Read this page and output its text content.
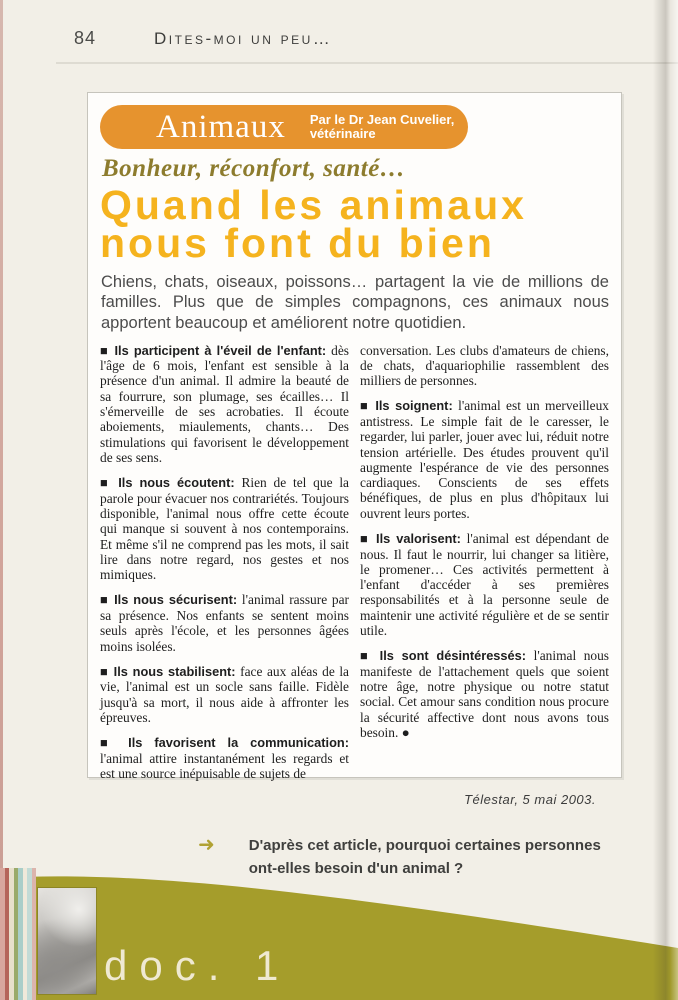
84	Dites-moi un peu…
Animaux Par le Dr Jean Cuvelier,
vétérinaire
Bonheur, réconfort, santé…
Quand les animaux
nous font du bien
Chiens, chats, oiseaux, poissons… partagent la vie de millions de familles. Plus que de simples compagnons, ces animaux nous apportent beaucoup et améliorent notre quotidien.

■ Ils participent à l'éveil de l'enfant: dès l'âge de 6 mois, l'enfant est sensible à la présence d'un animal. Il admire la beauté de sa fourrure, son plumage, ses écailles… Il s'émerveille de ses acrobaties. Il écoute aboiements, miaulements, chants… Des stimulations qui favorisent le développement de ses sens.

■ Ils nous écoutent: Rien de tel que la parole pour évacuer nos contrariétés. Toujours disponible, l'animal nous offre cette écoute qui manque si souvent à nos contemporains. Et même s'il ne comprend pas les mots, il sait lire dans notre regard, nos gestes et nos mimiques.

■ Ils nous sécurisent: l'animal rassure par sa présence. Nos enfants se sentent moins seuls après l'école, et les personnes âgées moins isolées.

■ Ils nous stabilisent: face aux aléas de la vie, l'animal est un socle sans faille. Fidèle jusqu'à sa mort, il nous aide à affronter les épreuves.

■ Ils favorisent la communication: l'animal attire instantanément les regards et est une source inépuisable de sujets de

conversation. Les clubs d'amateurs de chiens, de chats, d'aquariophilie rassemblent des milliers de personnes.

■ Ils soignent: l'animal est un merveilleux antistress. Le simple fait de le caresser, le regarder, lui parler, jouer avec lui, réduit notre tension artérielle. Des études prouvent qu'il augmente l'espérance de vie des personnes cardiaques. Conscients de ses effets bénéfiques, de plus en plus d'hôpitaux lui ouvrent leurs portes.

■ Ils valorisent: l'animal est dépendant de nous. Il faut le nourrir, lui changer sa litière, le promener… Ces activités permettent à l'enfant d'accéder à ses premières responsabilités et à la personne seule de maintenir une activité régulière et de se sentir utile.

■ Ils sont désintéressés: l'animal nous manifeste de l'attachement quels que soient notre âge, notre physique ou notre statut social. Cet amour sans condition nous procure la sécurité affective dont nous avons tous besoin. ●

Télestar, 5 mai 2003.
➜ D'après cet article, pourquoi certaines personnes
ont-elles besoin d'un animal ?
doc. 1
